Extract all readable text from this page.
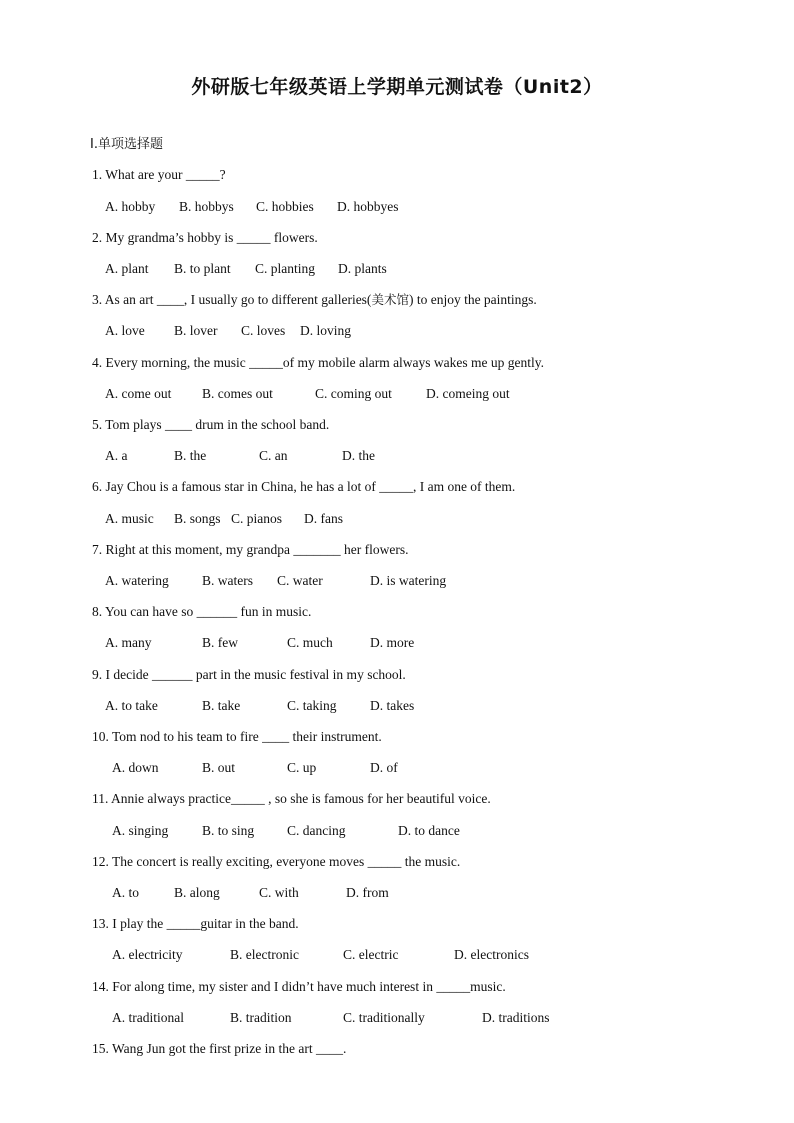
外研版七年级英语上学期单元测试卷（Unit2）
I.单项选择题
1. What are your _____?
A. hobby B. hobbys C. hobbies D. hobbyes
2. My grandma’s hobby is _____ flowers.
A. plant B. to plant C. planting D. plants
3. As an art ____, I usually go to different galleries(美术馆) to enjoy the paintings.
A. love B. lover C. loves D. loving
4. Every morning, the music _____of my mobile alarm always wakes me up gently.
A. come out B. comes out	C. coming out	D. comeing out
5. Tom plays ____ drum in the school band.
A. a	B. the	C. an	D. the
6. Jay Chou is a famous star in China, he has a lot of _____, I am one of them.
A. music B. songs C. pianos D. fans
7. Right at this moment, my grandpa _______ her flowers.
A. watering B. waters C. water	D. is watering
8. You can have so ______ fun in music.
A. many	B. few	C. much	D. more
9. I decide ______ part in the music festival in my school.
A. to take	B. take	C. taking D. takes
10. Tom nod to his team to fire ____ their instrument.
A. down	B. out	C. up	D. of
11. Annie always practice_____ , so she is famous for her beautiful voice.
A. singing B. to sing C. dancing	D. to dance
12. The concert is really exciting, everyone moves _____ the music.
A. to	B. along	C. with	D. from
13. I play the _____guitar in the band.
A. electricity	B. electronic	C. electric	D. electronics
14. For along time, my sister and I didn’t have much interest in _____music.
A. traditional	B. tradition	C. traditionally	D. traditions
15. Wang Jun got the first prize in the art ____.
